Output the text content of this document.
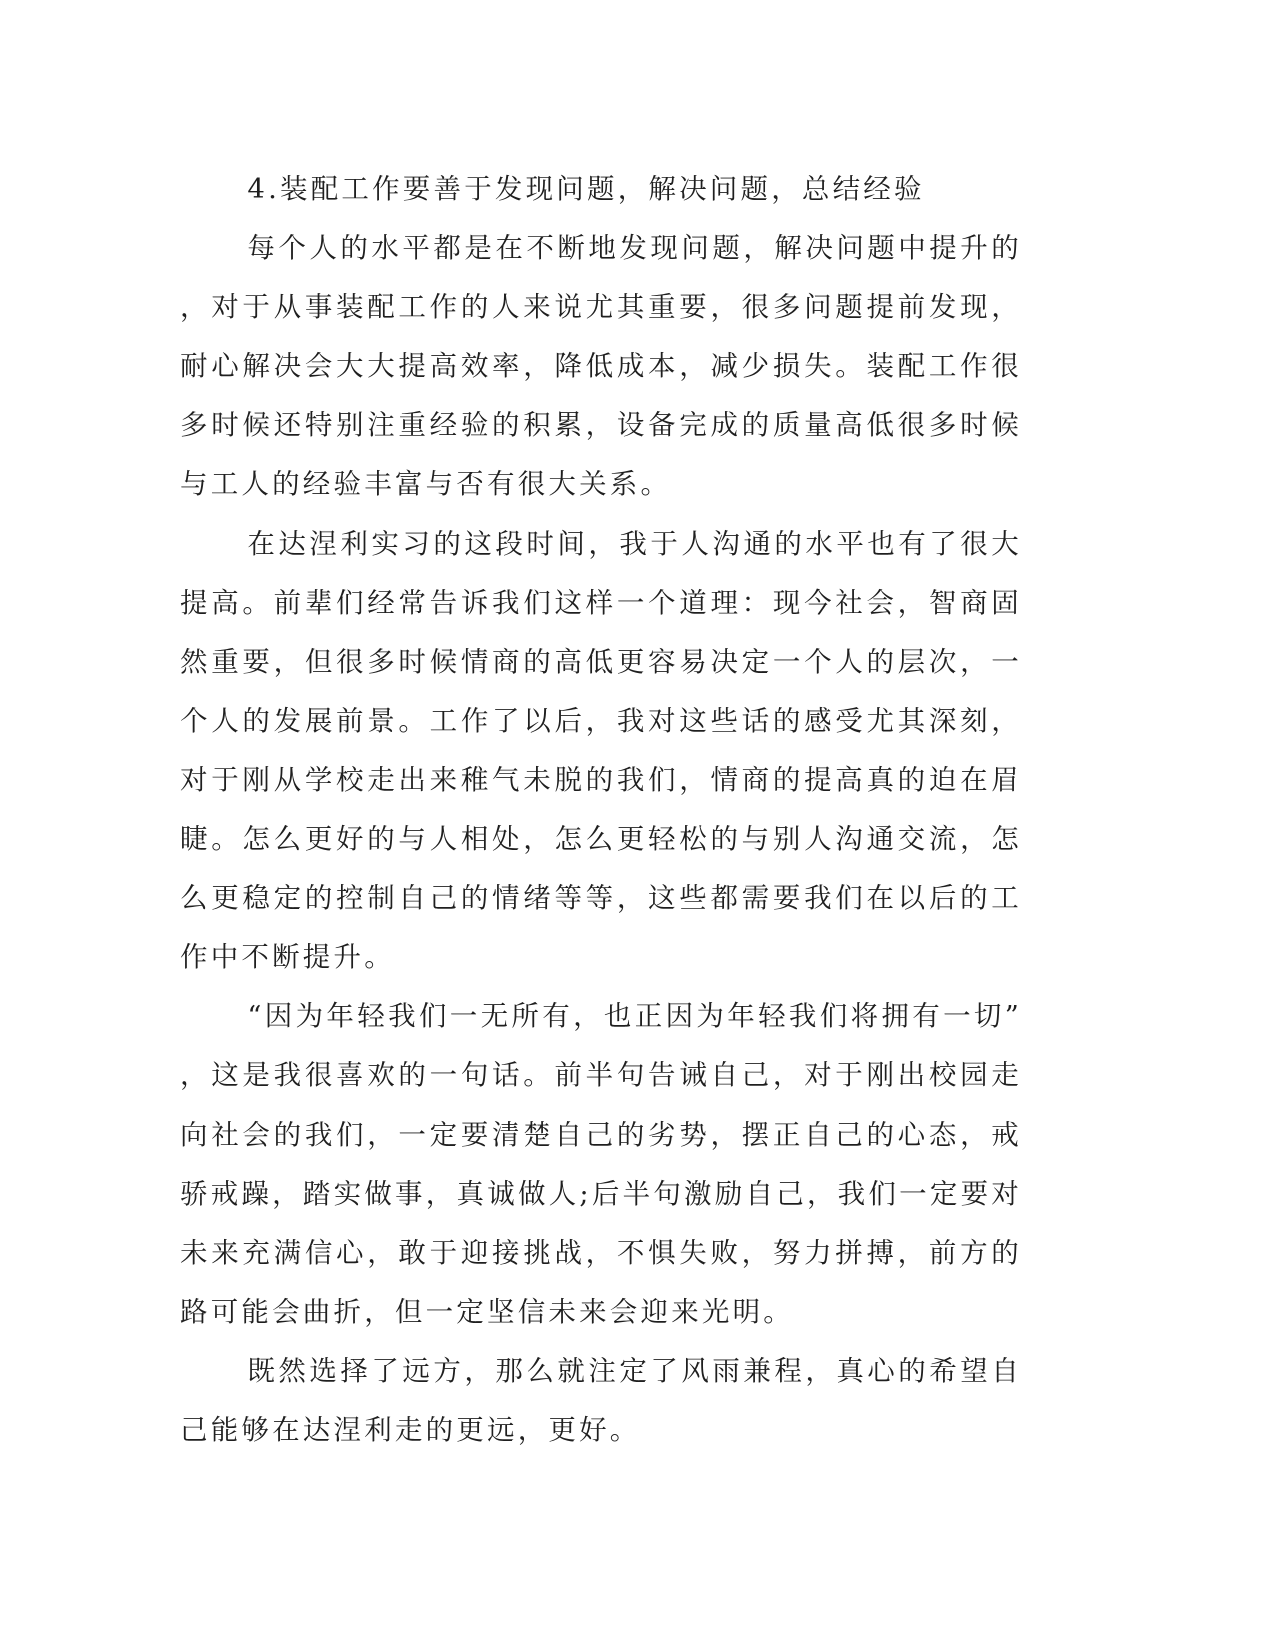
4.装配工作要善于发现问题，解决问题，总结经验

每个人的水平都是在不断地发现问题，解决问题中提升的，对于从事装配工作的人来说尤其重要，很多问题提前发现，耐心解决会大大提高效率，降低成本，减少损失。装配工作很多时候还特别注重经验的积累，设备完成的质量高低很多时候与工人的经验丰富与否有很大关系。

在达涅利实习的这段时间，我于人沟通的水平也有了很大提高。前辈们经常告诉我们这样一个道理：现今社会，智商固然重要，但很多时候情商的高低更容易决定一个人的层次，一个人的发展前景。工作了以后，我对这些话的感受尤其深刻，对于刚从学校走出来稚气未脱的我们，情商的提高真的迫在眉睫。怎么更好的与人相处，怎么更轻松的与别人沟通交流，怎么更稳定的控制自己的情绪等等，这些都需要我们在以后的工作中不断提升。

“因为年轻我们一无所有，也正因为年轻我们将拥有一切”，这是我很喜欢的一句话。前半句告诫自己，对于刚出校园走向社会的我们，一定要清楚自己的劣势，摆正自己的心态，戒骄戒躁，踏实做事，真诚做人;后半句激励自己，我们一定要对未来充满信心，敢于迎接挑战，不惧失败，努力拼搏，前方的路可能会曲折，但一定坚信未来会迎来光明。

既然选择了远方，那么就注定了风雨兼程，真心的希望自己能够在达涅利走的更远，更好。
